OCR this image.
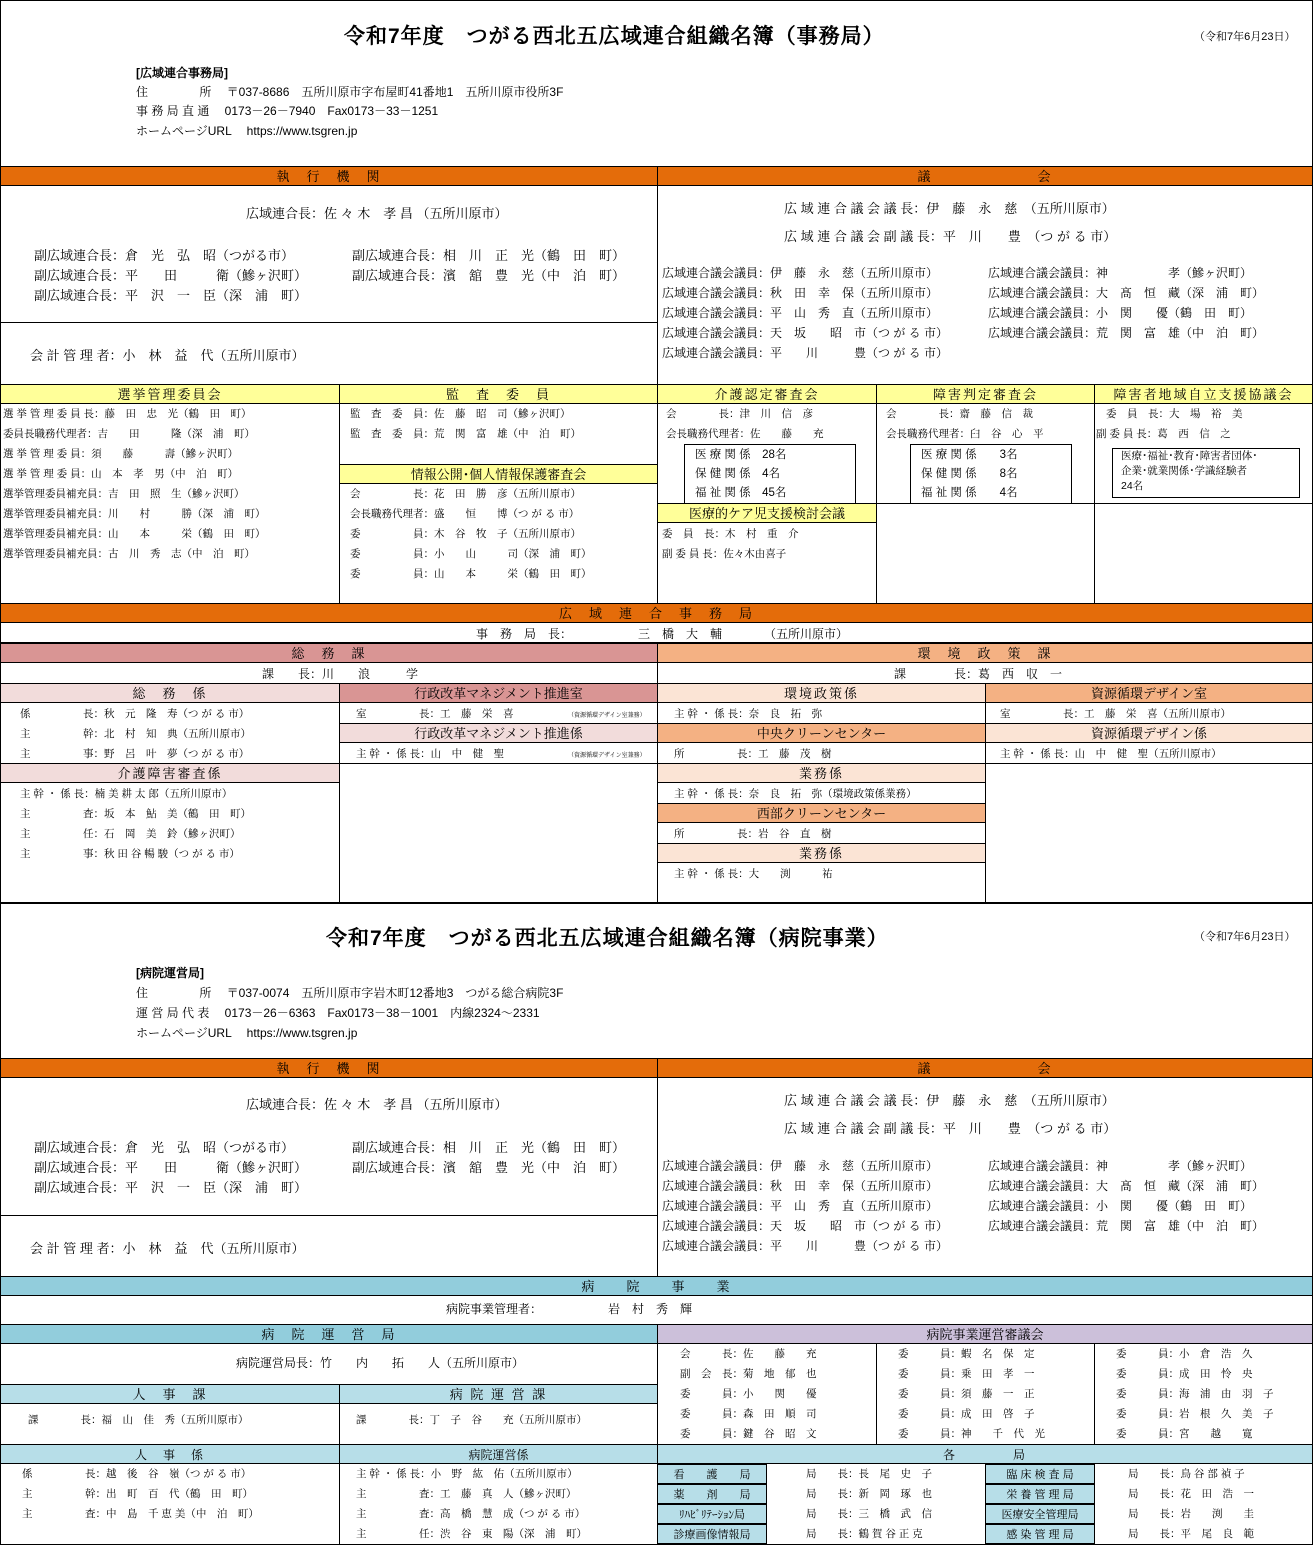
令和7年度　つがる西北五広域連合組織名簿（事務局）	（令和7年6月23日）
[広域連合事務局]
住　　　　 所　 〒037-8686　五所川原市字布屋町41番地1　五所川原市役所3F
事 務 局 直 通　 0173－26－7940　Fax0173－33－1251
ホームページURL　 https://www.tsgren.jp
執　行　機　関	議　　　　　　　会
広域連合長：佐 々 木　孝 昌 （五所川原市）
副広域連合長：倉　光　弘　昭（つがる市）
副広域連合長：平　　田　　　衛（鰺ヶ沢町）
副広域連合長：平　沢　一　臣（深　浦　町）
副広域連合長：相　川　正　光（鶴　田　町）
副広域連合長：濱　舘　豊　光（中　泊　町）
会 計 管 理 者：小　林　益　代（五所川原市）
広 域 連 合 議 会 議 長：伊　藤　永　慈　（五所川原市）
広 域 連 合 議 会 副 議 長：平　川　　豊　（つ が る 市）
広域連合議会議員：伊　藤　永　慈（五所川原市）
広域連合議会議員：秋　田　幸　保（五所川原市）
広域連合議会議員：平　山　秀　直（五所川原市）
広域連合議会議員：天　坂　　昭　市（つ が る 市）
広域連合議会議員：平　　川　　　豊（つ が る 市）
広域連合議会議員：神　　　　　孝（鰺ヶ沢町）
広域連合議会議員：大　髙　恒　藏（深　浦　町）
広域連合議会議員：小　関　　優（鶴　田　町）
広域連合議会議員：荒　関　富　雄（中　泊　町）
選挙管理委員会	監　査　委　員	介護認定審査会	障害判定審査会	障害者地域自立支援協議会
選 挙 管 理 委 員 長：藤　田　忠　光（鶴　田　町）
委員長職務代理者：吉　　田　　　隆（深　浦　町）
選 挙 管 理 委 員：須　　藤　　　壽（鰺ヶ沢町）
選 挙 管 理 委 員：山　本　孝　男（中　泊　町）
選挙管理委員補充員：吉　田　照　生（鰺ヶ沢町）
選挙管理委員補充員：川　　村　　　勝（深　浦　町）
選挙管理委員補充員：山　　本　　　栄（鶴　田　町）
選挙管理委員補充員：古　川　秀　志（中　泊　町）
監　査　委　員：佐　藤　昭　司（鰺ヶ沢町）
監　査　委　員：荒　関　富　雄（中　泊　町）
情報公開･個人情報保護審査会
会　　　　　長：花　田　勝　彦（五所川原市）
会長職務代理者：盛　　恒　　博（つ が る 市）
委　　　　　員：木　谷　牧　子（五所川原市）
委　　　　　員：小　　山　　　司（深　浦　町）
委　　　　　員：山　　本　　　栄（鶴　田　町）
会　　　　長：津　川　信　彦
会長職務代理者：佐　　藤　　充
医 療 関 係　28名
保 健 関 係　4名
福 祉 関 係　45名
医療的ケア児支援検討会議
委　員　長：木　村　重　介
副 委 員 長：佐々木由喜子
会　　　　長：齋　藤　信　裁
会長職務代理者：臼　谷　心　平
医 療 関 係　　3名
保 健 関 係　　8名
福 祉 関 係　　4名
委　員　長：大　場　裕　美
副 委 員 長：葛　西　信　之
医療･福祉･教育･障害者団体･
企業･就業関係･学識経験者
24名
広　域　連　合　事　務　局
事　務　局　長：　　　　　　三　橋　大　輔　　　　（五所川原市）
総　務　課	環　境　政　策　課
課　　長：川　　浪　　　学	課　　　　長：葛　西　収　一
総　務　係	行政改革マネジメント推進室
係　　　　　長：秋　元　隆　寿（つ が る 市）
主　　　　　幹：北　村　知　典（五所川原市）
主　　　　　事：野　呂　叶　夢（つ が る 市）
室　　　　　長：工　藤　栄　喜	（資源循環デザイン室兼務）
行政改革マネジメント推進係
主 幹 ・ 係 長：山　中　健　聖	（資源循環デザイン室兼務）
介護障害審査係
主 幹 ・ 係 長：楠 美 耕 太 郎（五所川原市）
主　　　　　査：坂　本　鮎　美（鶴　田　町）
主　　　　　任：石　岡　美　鈴（鰺ヶ沢町）
主　　　　　事：秋 田 谷 暢 駿（つ が る 市）
環境政策係	資源循環デザイン室
主 幹 ・ 係 長：奈　良　拓　弥	室　　　　　長：工　藤　栄　喜（五所川原市）
中央クリーンセンター	資源循環デザイン係
所　　　　　長：工　藤　茂　樹	主 幹 ・ 係 長：山　中　健　聖（五所川原市）
業務係
主 幹 ・ 係 長：奈　良　拓　弥（環境政策係業務）
西部クリーンセンター
所　　　　　長：岩　谷　直　樹
業務係
主 幹 ・ 係 長：大　　渕　　　祐
令和7年度　つがる西北五広域連合組織名簿（病院事業）	（令和7年6月23日）
[病院運営局]
住　　　　 所　 〒037-0074　五所川原市字岩木町12番地3　つがる総合病院3F
運 営 局 代 表　 0173－26－6363　Fax0173－38－1001　内線2324～2331
ホームページURL　 https://www.tsgren.jp
執　行　機　関	議　　　　　　　会
広域連合長：佐 々 木　孝 昌 （五所川原市）
副広域連合長：倉　光　弘　昭（つがる市）
副広域連合長：平　　田　　　衛（鰺ヶ沢町）
副広域連合長：平　沢　一　臣（深　浦　町）
副広域連合長：相　川　正　光（鶴　田　町）
副広域連合長：濱　舘　豊　光（中　泊　町）
会 計 管 理 者：小　林　益　代（五所川原市）
広 域 連 合 議 会 議 長：伊　藤　永　慈　（五所川原市）
広 域 連 合 議 会 副 議 長：平　川　　豊　（つ が る 市）
広域連合議会議員：伊　藤　永　慈（五所川原市）
広域連合議会議員：秋　田　幸　保（五所川原市）
広域連合議会議員：平　山　秀　直（五所川原市）
広域連合議会議員：天　坂　　昭　市（つ が る 市）
広域連合議会議員：平　　川　　　豊（つ が る 市）
広域連合議会議員：神　　　　　孝（鰺ヶ沢町）
広域連合議会議員：大　髙　恒　藏（深　浦　町）
広域連合議会議員：小　関　　優（鶴　田　町）
広域連合議会議員：荒　関　富　雄（中　泊　町）
病　　院　　事　　業
病院事業管理者：　　　　　　岩　村　秀　輝
病　院　運　営　局	病院事業運営審議会
病院運営局長：竹　　内　　拓　　人（五所川原市）
人　事　課	病 院 運 営 課
課　　　　長：福　山　佳　秀（五所川原市）	課　　　　長：丁　子　谷　　充（五所川原市）
人　事　係	病院運営係
係　　　　　長：越　後　谷　嶺（つ が る 市）
主　　　　　幹：出　町　百　代（鶴　田　町）
主　　　　　査：中　島　千 恵 美（中　泊　町）
主 幹 ・ 係 長：小　野　紘　佑（五所川原市）
主　　　　　査：工　藤　真　人（鰺ヶ沢町）
主　　　　　査：高　橋　慧　成（つ が る 市）
主　　　　　任：渋　谷　東　陽（深　浦　町）
会　　　長：佐　　藤　　充
副　会　長：菊　地　郁　也
委　　　員：小　　関　　優
委　　　員：森　田　順　司
委　　　員：鍵　谷　昭　文
委　　　員：蝦　名　保　定
委　　　員：乗　田　孝　一
委　　　員：須　藤　一　正
委　　　員：成　田　啓　子
委　　　員：神　　千　代　光
委　　　員：小　倉　浩　久
委　　　員：成　田　怜　央
委　　　員：海　浦　由　羽　子
委　　　員：岩　根　久　美　子
委　　　員：宮　　越　　寛
各　　　　局
看　　護　　局	局　　長：長　尾　史　子	臨 床 検 査 局	局　　長：鳥 谷 部 禎 子
薬　　剤　　局	局　　長：新　岡　琢　也	栄 養 管 理 局	局　　長：花　田　浩　一
ﾘﾊﾋﾞﾘﾃｰｼｮﾝ局	局　　長：三　橋　武　信	医療安全管理局	局　　長：岩　　渕　　圭
診療画像情報局	局　　長：鶴 賀 谷 正 克	感 染 管 理 局	局　　長：平　尾　良　範
